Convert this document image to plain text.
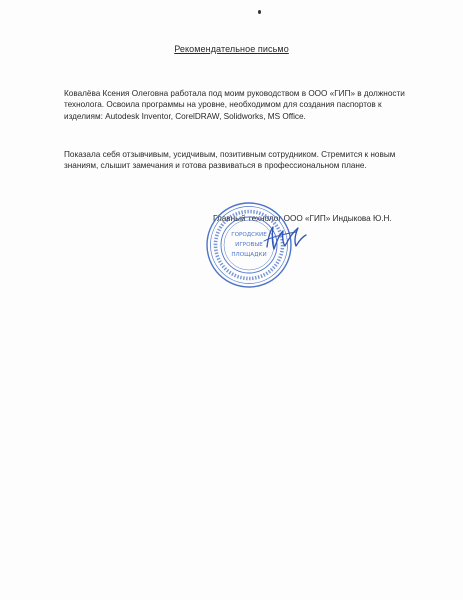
Рекомендательное письмо

Ковалёва Ксения Олеговна работала под моим руководством в ООО «ГИП» в должности технолога. Освоила программы на уровне, необходимом для создания паспортов к изделиям: Autodesk Inventor, CorelDRAW, Solidworks, MS Office.

Показала себя отзывчивым, усидчивым, позитивным сотрудником. Стремится к новым знаниям, слышит замечания и готова развиваться в профессиональном плане.

Главный технолог ООО «ГИП» Индыкова Ю.Н.
ГОРОДСКИЕ
ИГРОВЫЕ
ПЛОЩАДКИ
